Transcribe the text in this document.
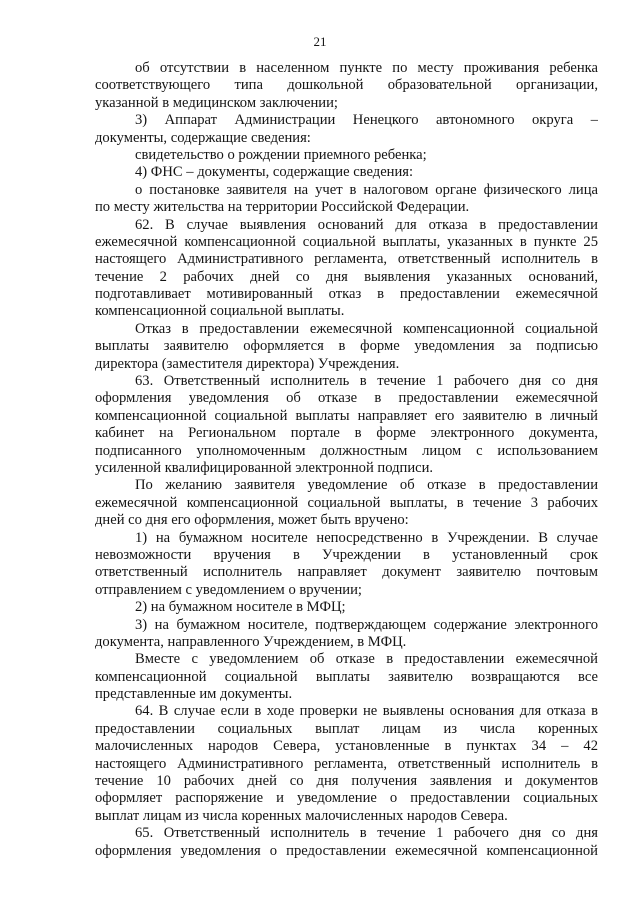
21
об отсутствии в населенном пункте по месту проживания ребенка
соответствующего типа дошкольной образовательной организации,
указанной в медицинском заключении;
3) Аппарат Администрации Ненецкого автономного округа –
документы, содержащие сведения:
свидетельство о рождении приемного ребенка;
4) ФНС – документы, содержащие сведения:
о постановке заявителя на учет в налоговом органе физического лица
по месту жительства на территории Российской Федерации.
62. В случае выявления оснований для отказа в предоставлении
ежемесячной компенсационной социальной выплаты, указанных в пункте 25
настоящего Административного регламента, ответственный исполнитель в
течение 2 рабочих дней со дня выявления указанных оснований,
подготавливает мотивированный отказ в предоставлении ежемесячной
компенсационной социальной выплаты.
Отказ в предоставлении ежемесячной компенсационной социальной
выплаты заявителю оформляется в форме уведомления за подписью
директора (заместителя директора) Учреждения.
63. Ответственный исполнитель в течение 1 рабочего дня со дня
оформления уведомления об отказе в предоставлении ежемесячной
компенсационной социальной выплаты направляет его заявителю в личный
кабинет на Региональном портале в форме электронного документа,
подписанного уполномоченным должностным лицом с использованием
усиленной квалифицированной электронной подписи.
По желанию заявителя уведомление об отказе в предоставлении
ежемесячной компенсационной социальной выплаты, в течение 3 рабочих
дней со дня его оформления, может быть вручено:
1) на бумажном носителе непосредственно в Учреждении. В случае
невозможности вручения в Учреждении в установленный срок
ответственный исполнитель направляет документ заявителю почтовым
отправлением с уведомлением о вручении;
2) на бумажном носителе в МФЦ;
3) на бумажном носителе, подтверждающем содержание электронного
документа, направленного Учреждением, в МФЦ.
Вместе с уведомлением об отказе в предоставлении ежемесячной
компенсационной социальной выплаты заявителю возвращаются все
представленные им документы.
64. В случае если в ходе проверки не выявлены основания для отказа в
предоставлении социальных выплат лицам из числа коренных
малочисленных народов Севера, установленные в пунктах 34 – 42
настоящего Административного регламента, ответственный исполнитель в
течение 10 рабочих дней со дня получения заявления и документов
оформляет распоряжение и уведомление о предоставлении социальных
выплат лицам из числа коренных малочисленных народов Севера.
65. Ответственный исполнитель в течение 1 рабочего дня со дня
оформления уведомления о предоставлении ежемесячной компенсационной
